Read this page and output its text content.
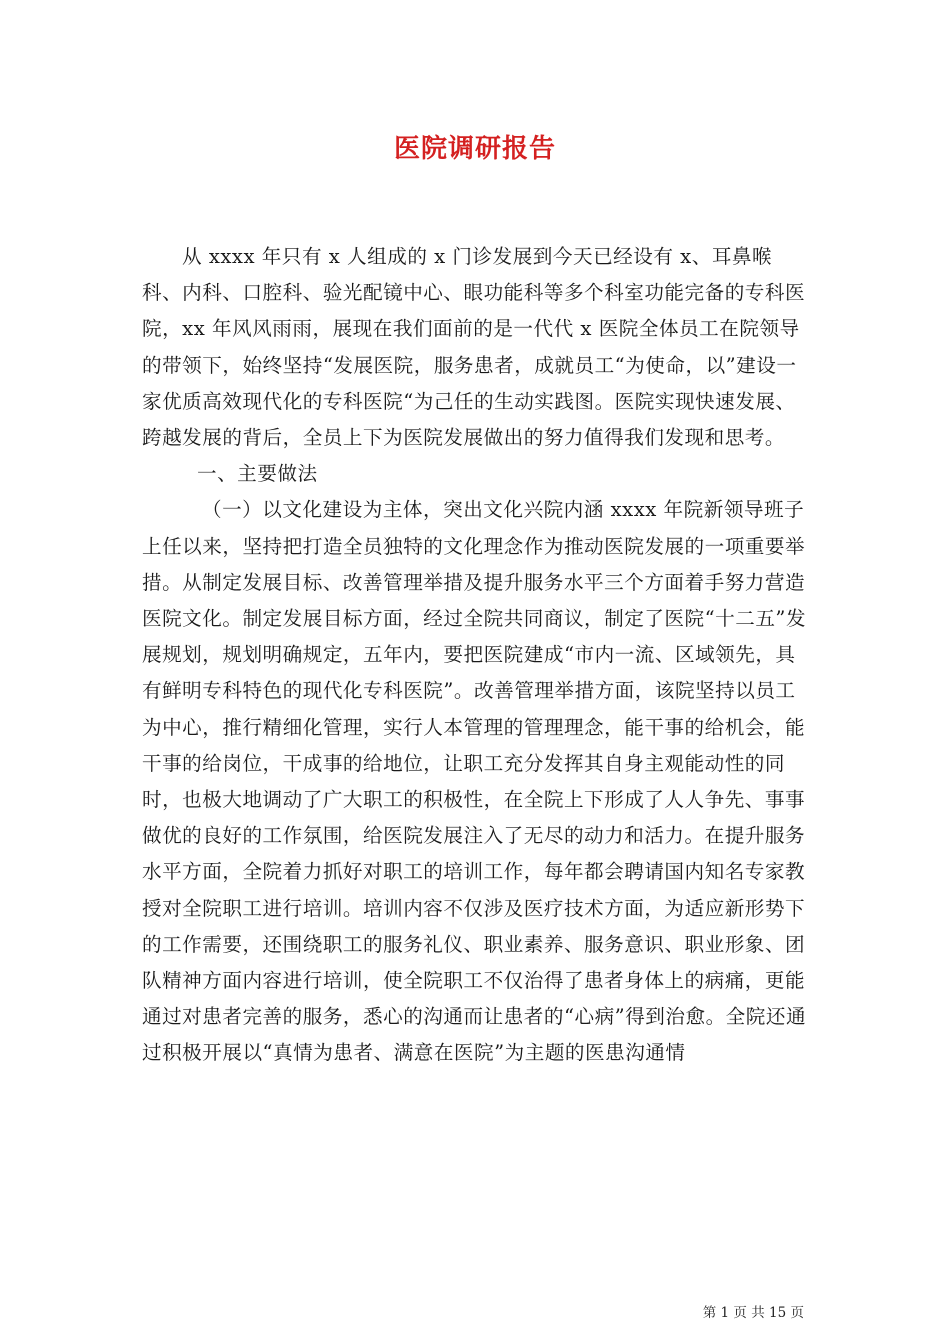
医院调研报告

从 xxxx 年只有 x 人组成的 x 门诊发展到今天已经设有 x、耳鼻喉科、内科、口腔科、验光配镜中心、眼功能科等多个科室功能完备的专科医院，xx 年风风雨雨，展现在我们面前的是一代代 x 医院全体员工在院领导的带领下，始终坚持“发展医院，服务患者，成就员工“为使命，以”建设一家优质高效现代化的专科医院“为己任的生动实践图。医院实现快速发展、跨越发展的背后，全员上下为医院发展做出的努力值得我们发现和思考。

一、主要做法

（一）以文化建设为主体，突出文化兴院内涵 xxxx 年院新领导班子上任以来，坚持把打造全员独特的文化理念作为推动医院发展的一项重要举措。从制定发展目标、改善管理举措及提升服务水平三个方面着手努力营造医院文化。制定发展目标方面，经过全院共同商议，制定了医院“十二五”发展规划，规划明确规定，五年内，要把医院建成“市内一流、区域领先，具有鲜明专科特色的现代化专科医院”。改善管理举措方面，该院坚持以员工为中心，推行精细化管理，实行人本管理的管理理念，能干事的给机会，能干事的给岗位，干成事的给地位，让职工充分发挥其自身主观能动性的同时，也极大地调动了广大职工的积极性，在全院上下形成了人人争先、事事做优的良好的工作氛围，给医院发展注入了无尽的动力和活力。在提升服务水平方面，全院着力抓好对职工的培训工作，每年都会聘请国内知名专家教授对全院职工进行培训。培训内容不仅涉及医疗技术方面，为适应新形势下的工作需要，还围绕职工的服务礼仪、职业素养、服务意识、职业形象、团队精神方面内容进行培训，使全院职工不仅治得了患者身体上的病痛，更能通过对患者完善的服务，悉心的沟通而让患者的“心病”得到治愈。全院还通过积极开展以“真情为患者、满意在医院”为主题的医患沟通情

第 1 页 共 15 页
